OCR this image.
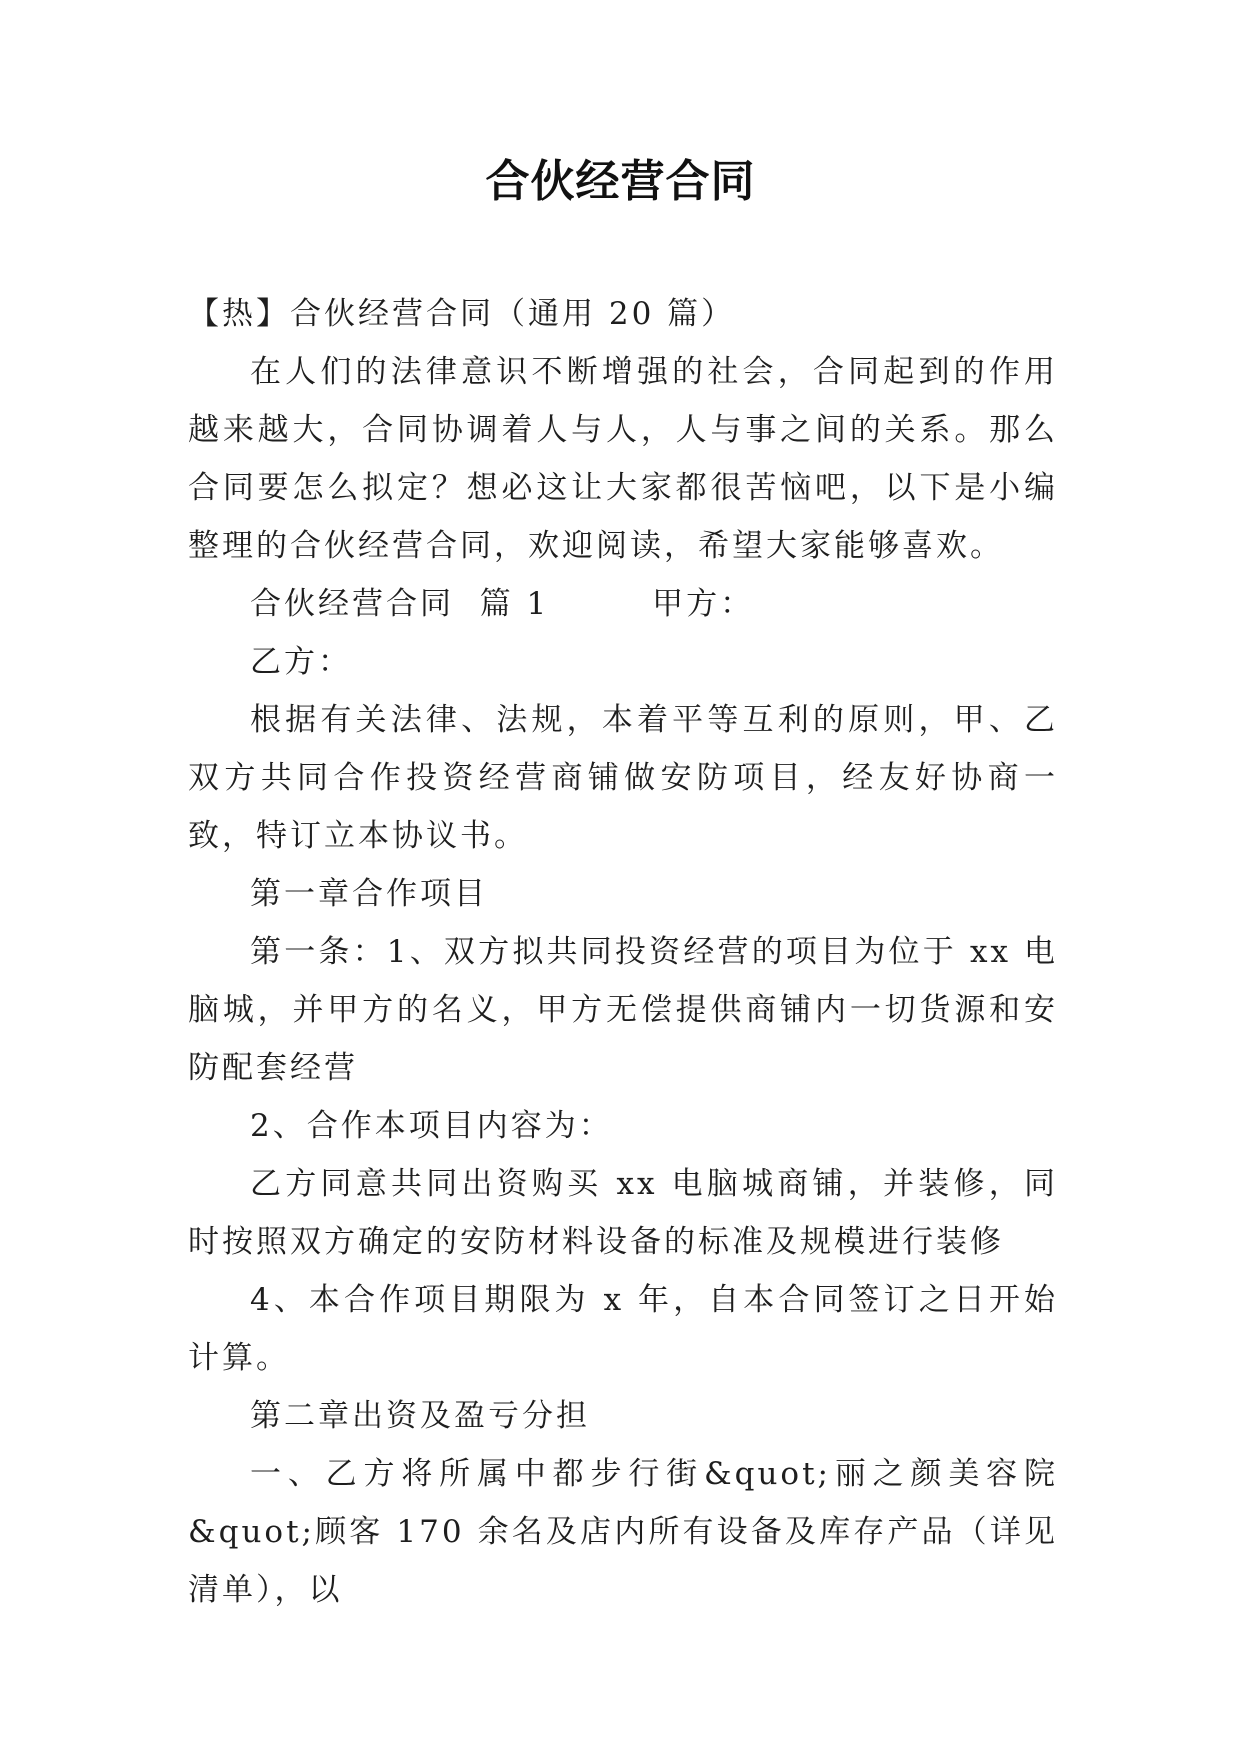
合伙经营合同

【热】合伙经营合同（通用 20 篇）

在人们的法律意识不断增强的社会，合同起到的作用越来越大，合同协调着人与人，人与事之间的关系。那么合同要怎么拟定？想必这让大家都很苦恼吧，以下是小编整理的合伙经营合同，欢迎阅读，希望大家能够喜欢。

合伙经营合同  篇 1        甲方：

乙方：

根据有关法律、法规，本着平等互利的原则，甲、乙双方共同合作投资经营商铺做安防项目，经友好协商一致，特订立本协议书。

第一章合作项目

第一条：1、双方拟共同投资经营的项目为位于 xx 电脑城，并甲方的名义，甲方无偿提供商铺内一切货源和安防配套经营

2、合作本项目内容为：

乙方同意共同出资购买 xx 电脑城商铺，并装修，同时按照双方确定的安防材料设备的标准及规模进行装修

4、本合作项目期限为 x 年，自本合同签订之日开始计算。

第二章出资及盈亏分担

一、乙方将所属中都步行街&quot;丽之颜美容院&quot;顾客 170 余名及店内所有设备及库存产品（详见清单），以
